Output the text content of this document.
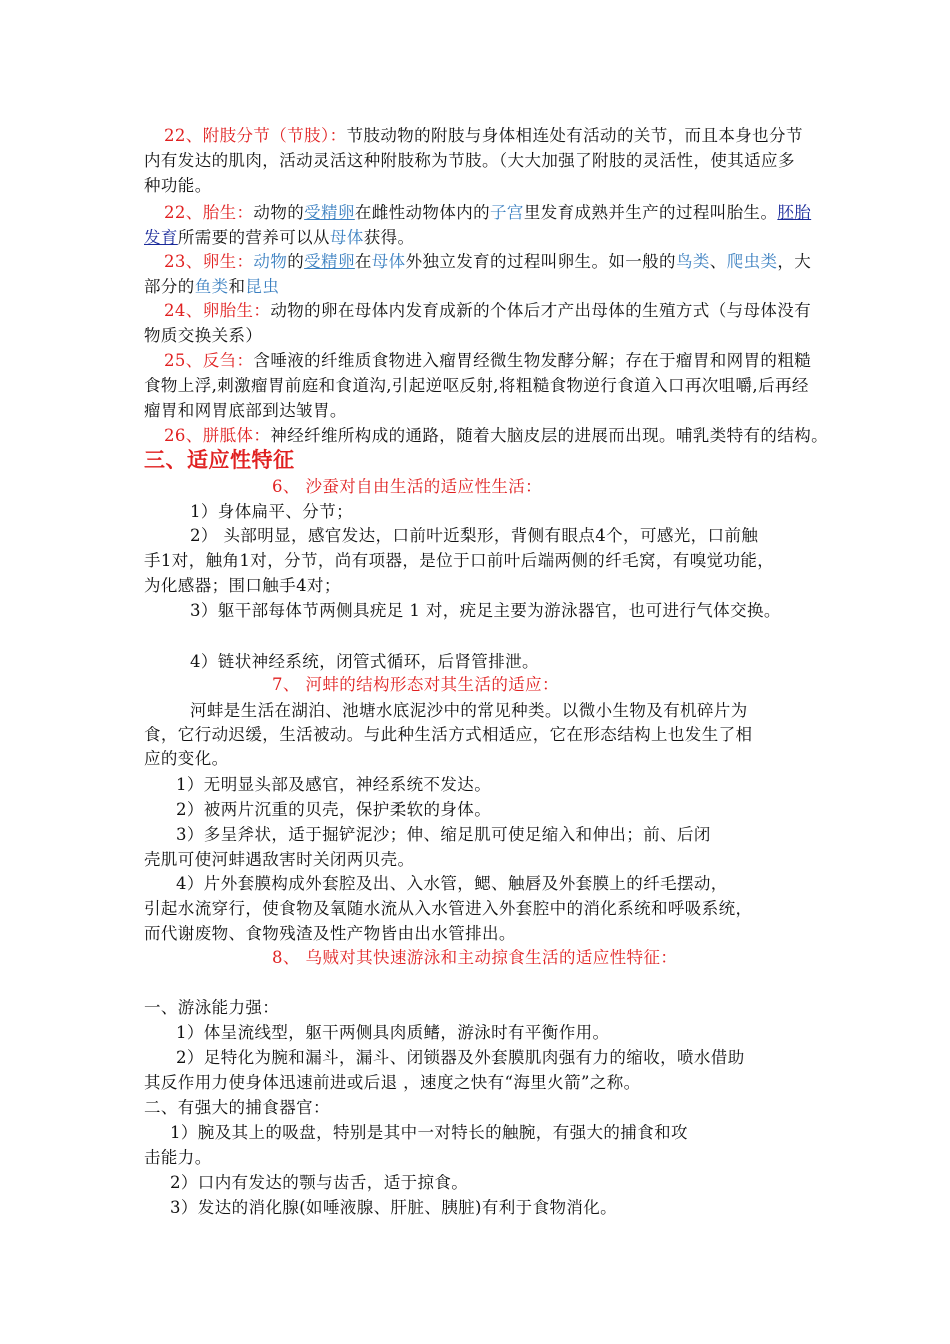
22、附肢分节（节肢）：节肢动物的附肢与身体相连处有活动的关节，而且本身也分节
内有发达的肌肉，活动灵活这种附肢称为节肢。（大大加强了附肢的灵活性，使其适应多
种功能。
22、胎生：动物的受精卵在雌性动物体内的子宫里发育成熟并生产的过程叫胎生。胚胎
发育所需要的营养可以从母体获得。
23、卵生：动物的受精卵在母体外独立发育的过程叫卵生。如一般的鸟类、爬虫类，大
部分的鱼类和昆虫
24、卵胎生：动物的卵在母体内发育成新的个体后才产出母体的生殖方式（与母体没有
物质交换关系）
25、反刍：含唾液的纤维质食物进入瘤胃经微生物发酵分解；存在于瘤胃和网胃的粗糙
食物上浮,刺激瘤胃前庭和食道沟,引起逆呕反射,将粗糙食物逆行食道入口再次咀嚼,后再经
瘤胃和网胃底部到达皱胃。
26、胼胝体：神经纤维所构成的通路，随着大脑皮层的进展而出现。哺乳类特有的结构。
三、适应性特征
6、 沙蚕对自由生活的适应性生活：
1）身体扁平、分节；
2） 头部明显，感官发达，口前叶近梨形，背侧有眼点4个，可感光，口前触
手1对，触角1对，分节，尚有项器，是位于口前叶后端两侧的纤毛窝，有嗅觉功能，
为化感器；围口触手4对；
3）躯干部每体节两侧具疣足 1 对，疣足主要为游泳器官，也可进行气体交换。
4）链状神经系统，闭管式循环，后肾管排泄。
7、 河蚌的结构形态对其生活的适应：
河蚌是生活在湖泊、池塘水底泥沙中的常见种类。以微小生物及有机碎片为
食，它行动迟缓，生活被动。与此种生活方式相适应，它在形态结构上也发生了相
应的变化。
1）无明显头部及感官，神经系统不发达。
2）被两片沉重的贝壳，保护柔软的身体。
3）多呈斧状，适于掘铲泥沙；伸、缩足肌可使足缩入和伸出；前、后闭
壳肌可使河蚌遇敌害时关闭两贝壳。
4）片外套膜构成外套腔及出、入水管，鳃、触唇及外套膜上的纤毛摆动，
引起水流穿行，使食物及氧随水流从入水管进入外套腔中的消化系统和呼吸系统，
而代谢废物、食物残渣及性产物皆由出水管排出。
8、 乌贼对其快速游泳和主动掠食生活的适应性特征：
一、游泳能力强：
1）体呈流线型，躯干两侧具肉质鳍，游泳时有平衡作用。
2）足特化为腕和漏斗，漏斗、闭锁器及外套膜肌肉强有力的缩收，喷水借助
其反作用力使身体迅速前进或后退 ，速度之快有“海里火箭”之称。
二、有强大的捕食器官：
1）腕及其上的吸盘，特别是其中一对特长的触腕，有强大的捕食和攻
击能力。
2）口内有发达的颚与齿舌，适于掠食。
3）发达的消化腺(如唾液腺、肝脏、胰脏)有利于食物消化。
